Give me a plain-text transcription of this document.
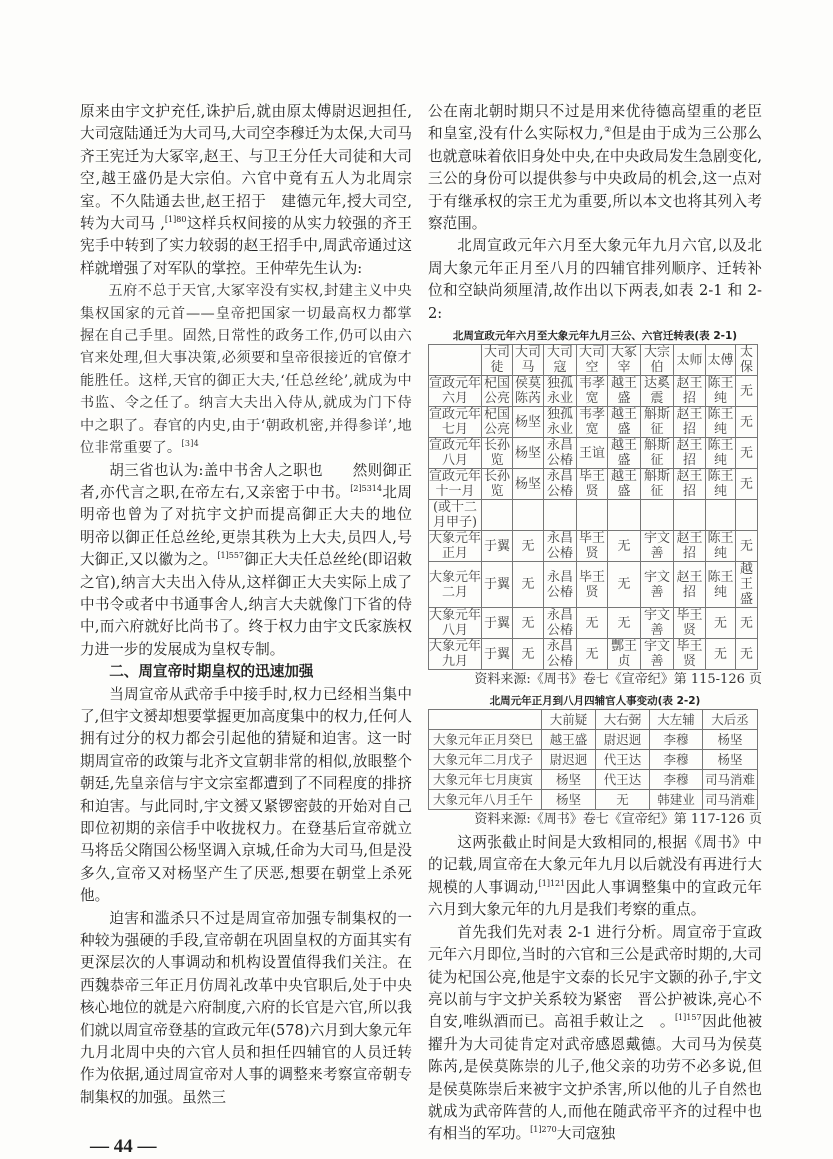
原来由宇文护充任,诛护后,就由原太傅尉迟迥担任,大司寇陆通迁为大司马,大司空李穆迁为太保,大司马齐王宪迁为大冢宰,赵王、与卫王分任大司徒和大司空,越王盛仍是大宗伯。六官中竟有五人为北周宗室。不久陆通去世,赵王招于　建德元年,授大司空,转为大司马 ,$^{[1]80}$这样兵权间接的从实力较强的齐王宪手中转到了实力较弱的赵王招手中,周武帝通过这样就增强了对军队的掌控。王仲荦先生认为:

五府不总于天官,大冢宰没有实权,封建主义中央集权国家的元首——皇帝把国家一切最高权力都掌握在自己手里。固然,日常性的政务工作,仍可以由六官来处理,但大事决策,必须要和皇帝很接近的官僚才能胜任。这样,天官的御正大夫,‘任总丝纶’,就成为中书监、令之任了。纳言大夫出入侍从,就成为门下侍中之职了。春官的内史,由于‘朝政机密,并得参详’,地位非常重要了。$^{[3]4}$

胡三省也认为:盖中书舍人之职也　　然则御正者,亦代言之职,在帝左右,又亲密于中书。$^{[2]5314}$北周明帝也曾为了对抗宇文护而提高御正大夫的地位　明帝以御正任总丝纶,更崇其秩为上大夫,员四人,号大御正,又以徽为之。$^{[1]557}$御正大夫任总丝纶(即诏敕之官),纳言大夫出入侍从,这样御正大夫实际上成了中书令或者中书通事舍人,纳言大夫就像门下省的侍中,而六府就好比尚书了。终于权力由宇文氏家族权力进一步的发展成为皇权专制。

二、周宣帝时期皇权的迅速加强

当周宣帝从武帝手中接手时,权力已经相当集中了,但宇文赟却想要掌握更加高度集中的权力,任何人拥有过分的权力都会引起他的猜疑和迫害。这一时期周宣帝的政策与北齐文宣朝非常的相似,放眼整个朝廷,先皇亲信与宇文宗室都遭到了不同程度的排挤和迫害。与此同时,宇文赟又紧锣密鼓的开始对自己即位初期的亲信手中收拢权力。在登基后宣帝就立马将岳父隋国公杨坚调入京城,任命为大司马,但是没多久,宣帝又对杨坚产生了厌恶,想要在朝堂上杀死他。

迫害和滥杀只不过是周宣帝加强专制集权的一种较为强硬的手段,宣帝朝在巩固皇权的方面其实有更深层次的人事调动和机构设置值得我们关注。在西魏恭帝三年正月仿周礼改革中央官职后,处于中央核心地位的就是六府制度,六府的长官是六官,所以我们就以周宣帝登基的宣政元年(578)六月到大象元年九月北周中央的六官人员和担任四辅官的人员迁转作为依据,通过周宣帝对人事的调整来考察宣帝朝专制集权的加强。虽然三

— 44 —

公在南北朝时期只不过是用来优待德高望重的老臣和皇室,没有什么实际权力,②但是由于成为三公那么也就意味着依旧身处中央,在中央政局发生急剧变化,三公的身份可以提供参与中央政局的机会,这一点对于有继承权的宗王尤为重要,所以本文也将其列入考察范围。

北周宣政元年六月至大象元年九月六官,以及北周大象元年正月至八月的四辅官排列顺序、迁转补位和空缺尚须厘清,故作出以下两表,如表 2-1 和 2-2:

北周宣政元年六月至大象元年九月三公、六官迁转表(表 2-1)
	大司徒	大司马	大司寇	大司空	大冢宰	大宗伯	太师	太傅	太保
宣政元年六月	杞国公亮	侯莫陈芮	独孤永业	韦孝宽	越王盛	达奚震	赵王招	陈王纯	无
宣政元年七月	杞国公亮	杨坚	独孤永业	韦孝宽	越王盛	斛斯征	赵王招	陈王纯	无
宣政元年八月	长孙览	杨坚	永昌公椿	王谊	越王盛	斛斯征	赵王招	陈王纯	无
宣政元年十一月	长孙览	杨坚	永昌公椿	毕王贤	越王盛	斛斯征	赵王招	陈王纯	无
(或十二月甲子)									
大象元年正月	于翼	无	永昌公椿	毕王贤	无	宇文善	赵王招	陈王纯	无
大象元年二月	于翼	无	永昌公椿	毕王贤	无	宇文善	赵王招	陈王纯	越王盛
大象元年八月	于翼	无	永昌公椿	无	无	宇文善	毕王贤	无	无
大象元年九月	于翼	无	永昌公椿	无	酆王贞	宇文善	毕王贤	无	无
资料来源:《周书》卷七《宣帝纪》第 115-126 页
北周元年正月到八月四辅官人事变动(表 2-2)
	大前疑	大右弼	大左辅	大后丞
大象元年正月癸巳	越王盛	尉迟迥	李穆	杨坚
大象元年二月戊子	尉迟迥	代王达	李穆	杨坚
大象元年七月庚寅	杨坚	代王达	李穆	司马消难
大象元年八月壬午	杨坚	无	韩建业	司马消难
资料来源:《周书》卷七《宣帝纪》第 117-126 页

这两张截止时间是大致相同的,根据《周书》中的记载,周宣帝在大象元年九月以后就没有再进行大规模的人事调动,$^{[1]121}$因此人事调整集中的宣政元年六月到大象元年的九月是我们考察的重点。

首先我们先对表 2-1 进行分析。周宣帝于宣政元年六月即位,当时的六官和三公是武帝时期的,大司徒为杞国公亮,他是宇文泰的长兄宇文颢的孙子,宇文亮以前与宇文护关系较为紧密　晋公护被诛,亮心不自安,唯纵酒而已。高祖手敕让之　。$^{[1]157}$因此他被擢升为大司徒肯定对武帝感恩戴德。大司马为侯莫陈芮,是侯莫陈崇的儿子,他父亲的功劳不必多说,但是侯莫陈崇后来被宇文护杀害,所以他的儿子自然也就成为武帝阵营的人,而他在随武帝平齐的过程中也有相当的军功。$^{[1]270}$大司寇独
